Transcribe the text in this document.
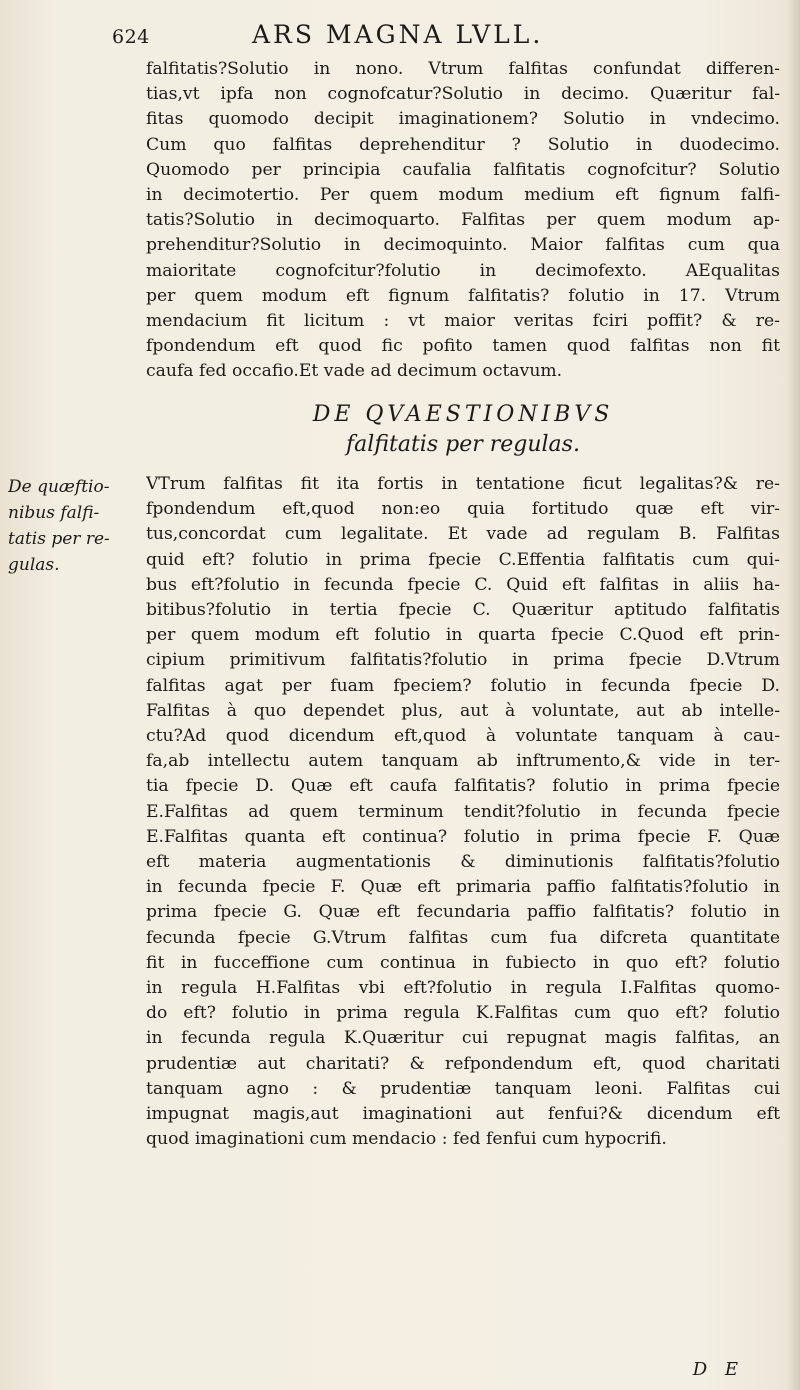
624	ARS MAGNA LVLL.
falfitatis?Solutio in nono. Vtrum falfitas confundat differen-
tias,vt ipfa non cognofcatur?Solutio in decimo. Quæritur fal-
fitas quomodo decipit imaginationem? Solutio in vndecimo.
Cum quo falfitas deprehenditur ? Solutio in duodecimo.
Quomodo per principia caufalia falfitatis cognofcitur? Solutio
in decimotertio. Per quem modum medium eft fignum falfi-
tatis?Solutio in decimoquarto. Falfitas per quem modum ap-
prehenditur?Solutio in decimoquinto. Maior falfitas cum qua
maioritate cognofcitur?folutio in decimofexto. AEqualitas
per quem modum eft fignum falfitatis? folutio in 17. Vtrum
mendacium fit licitum : vt maior veritas fciri poffit? & re-
fpondendum eft quod fic pofito tamen quod falfitas non fit
caufa fed occafio.Et vade ad decimum octavum.
DE QVAESTIONIBVS
falfitatis per regulas.
De quæftio-
nibus falfi-
tatis per re-
gulas.
VTrum falfitas fit ita fortis in tentatione ficut legalitas?& re-
fpondendum eft,quod non:eo quia fortitudo quæ eft vir-
tus,concordat cum legalitate. Et vade ad regulam B. Falfitas
quid eft? folutio in prima fpecie C.Effentia falfitatis cum qui-
bus eft?folutio in fecunda fpecie C. Quid eft falfitas in aliis ha-
bitibus?folutio in tertia fpecie C. Quæritur aptitudo falfitatis
per quem modum eft folutio in quarta fpecie C.Quod eft prin-
cipium primitivum falfitatis?folutio in prima fpecie D.Vtrum
falfitas agat per fuam fpeciem? folutio in fecunda fpecie D.
Falfitas à quo dependet plus, aut à voluntate, aut ab intelle-
ctu?Ad quod dicendum eft,quod à voluntate tanquam à cau-
fa,ab intellectu autem tanquam ab inftrumento,& vide in ter-
tia fpecie D. Quæ eft caufa falfitatis? folutio in prima fpecie
E.Falfitas ad quem terminum tendit?folutio in fecunda fpecie
E.Falfitas quanta eft continua? folutio in prima fpecie F. Quæ
eft materia augmentationis & diminutionis falfitatis?folutio
in fecunda fpecie F. Quæ eft primaria paffio falfitatis?folutio in
prima fpecie G. Quæ eft fecundaria paffio falfitatis? folutio in
fecunda fpecie G.Vtrum falfitas cum fua difcreta quantitate
fit in fucceffione cum continua in fubiecto in quo eft? folutio
in regula H.Falfitas vbi eft?folutio in regula I.Falfitas quomo-
do eft? folutio in prima regula K.Falfitas cum quo eft? folutio
in fecunda regula K.Quæritur cui repugnat magis falfitas, an
prudentiæ aut charitati? & refpondendum eft, quod charitati
tanquam agno : & prudentiæ tanquam leoni. Falfitas cui
impugnat magis,aut imaginationi aut fenfui?& dicendum eft
quod imaginationi cum mendacio : fed fenfui cum hypocrifi.
D E
